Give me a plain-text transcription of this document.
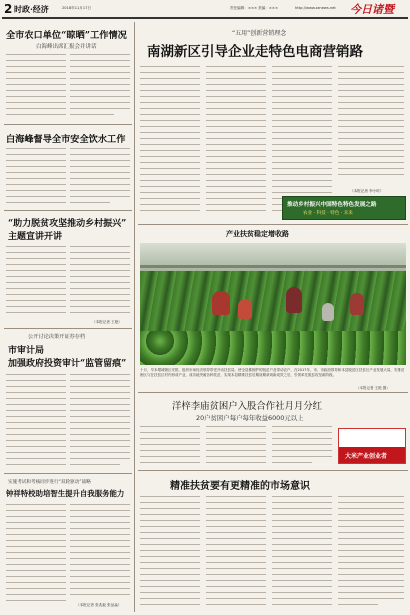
2 时政·经济	2018年11月17日	责任编辑：××× 美编：×××	http://www.zznews.net 今日诸暨
全市农口单位“晾晒”工作情况
白海峰出席汇报会并讲话
白海峰督导全市安全饮水工作
“助力脱贫攻坚推动乡村振兴”
主题宣讲开讲
（本报记者 王艳）
公开讨论决策开证券存档
市审计局
加强政府投资审计“监管留痕”
实施考试和考核同步进行“双轮驱动”战略
钟祥特校助培智生提升自我服务能力
（本报记者 张兆毅 张品淼）
“五用”创新营销理念
南湖新区引导企业走特色电商营销路
推动乡村振兴中国特色特色发展之路
农业 · 科技 · 特色 · 未来
（本报记者 李小时）
产业扶贫稳定增收路
十月，早本增城街区安排，组织市场经济领导带老开动扶贫局，使全县都拥护的脱贫户及带动农户，在2017年，市、市政府领导和本县脱贫区扶贫区产业发展大局，安排贫困区与在扶贫区村内形成产业，成功地突破各种扶贫，实现本县精准扶贫后期前期拿到新成效之后，引领率先脱贫攻坚新阶段。
（本报记者 王艳 摄）
洋梓李庙贫困户入股合作社月月分红
20户贫困户每户每年收益6000元以上
大米产业创业者
精准扶贫要有更精准的市场意识
